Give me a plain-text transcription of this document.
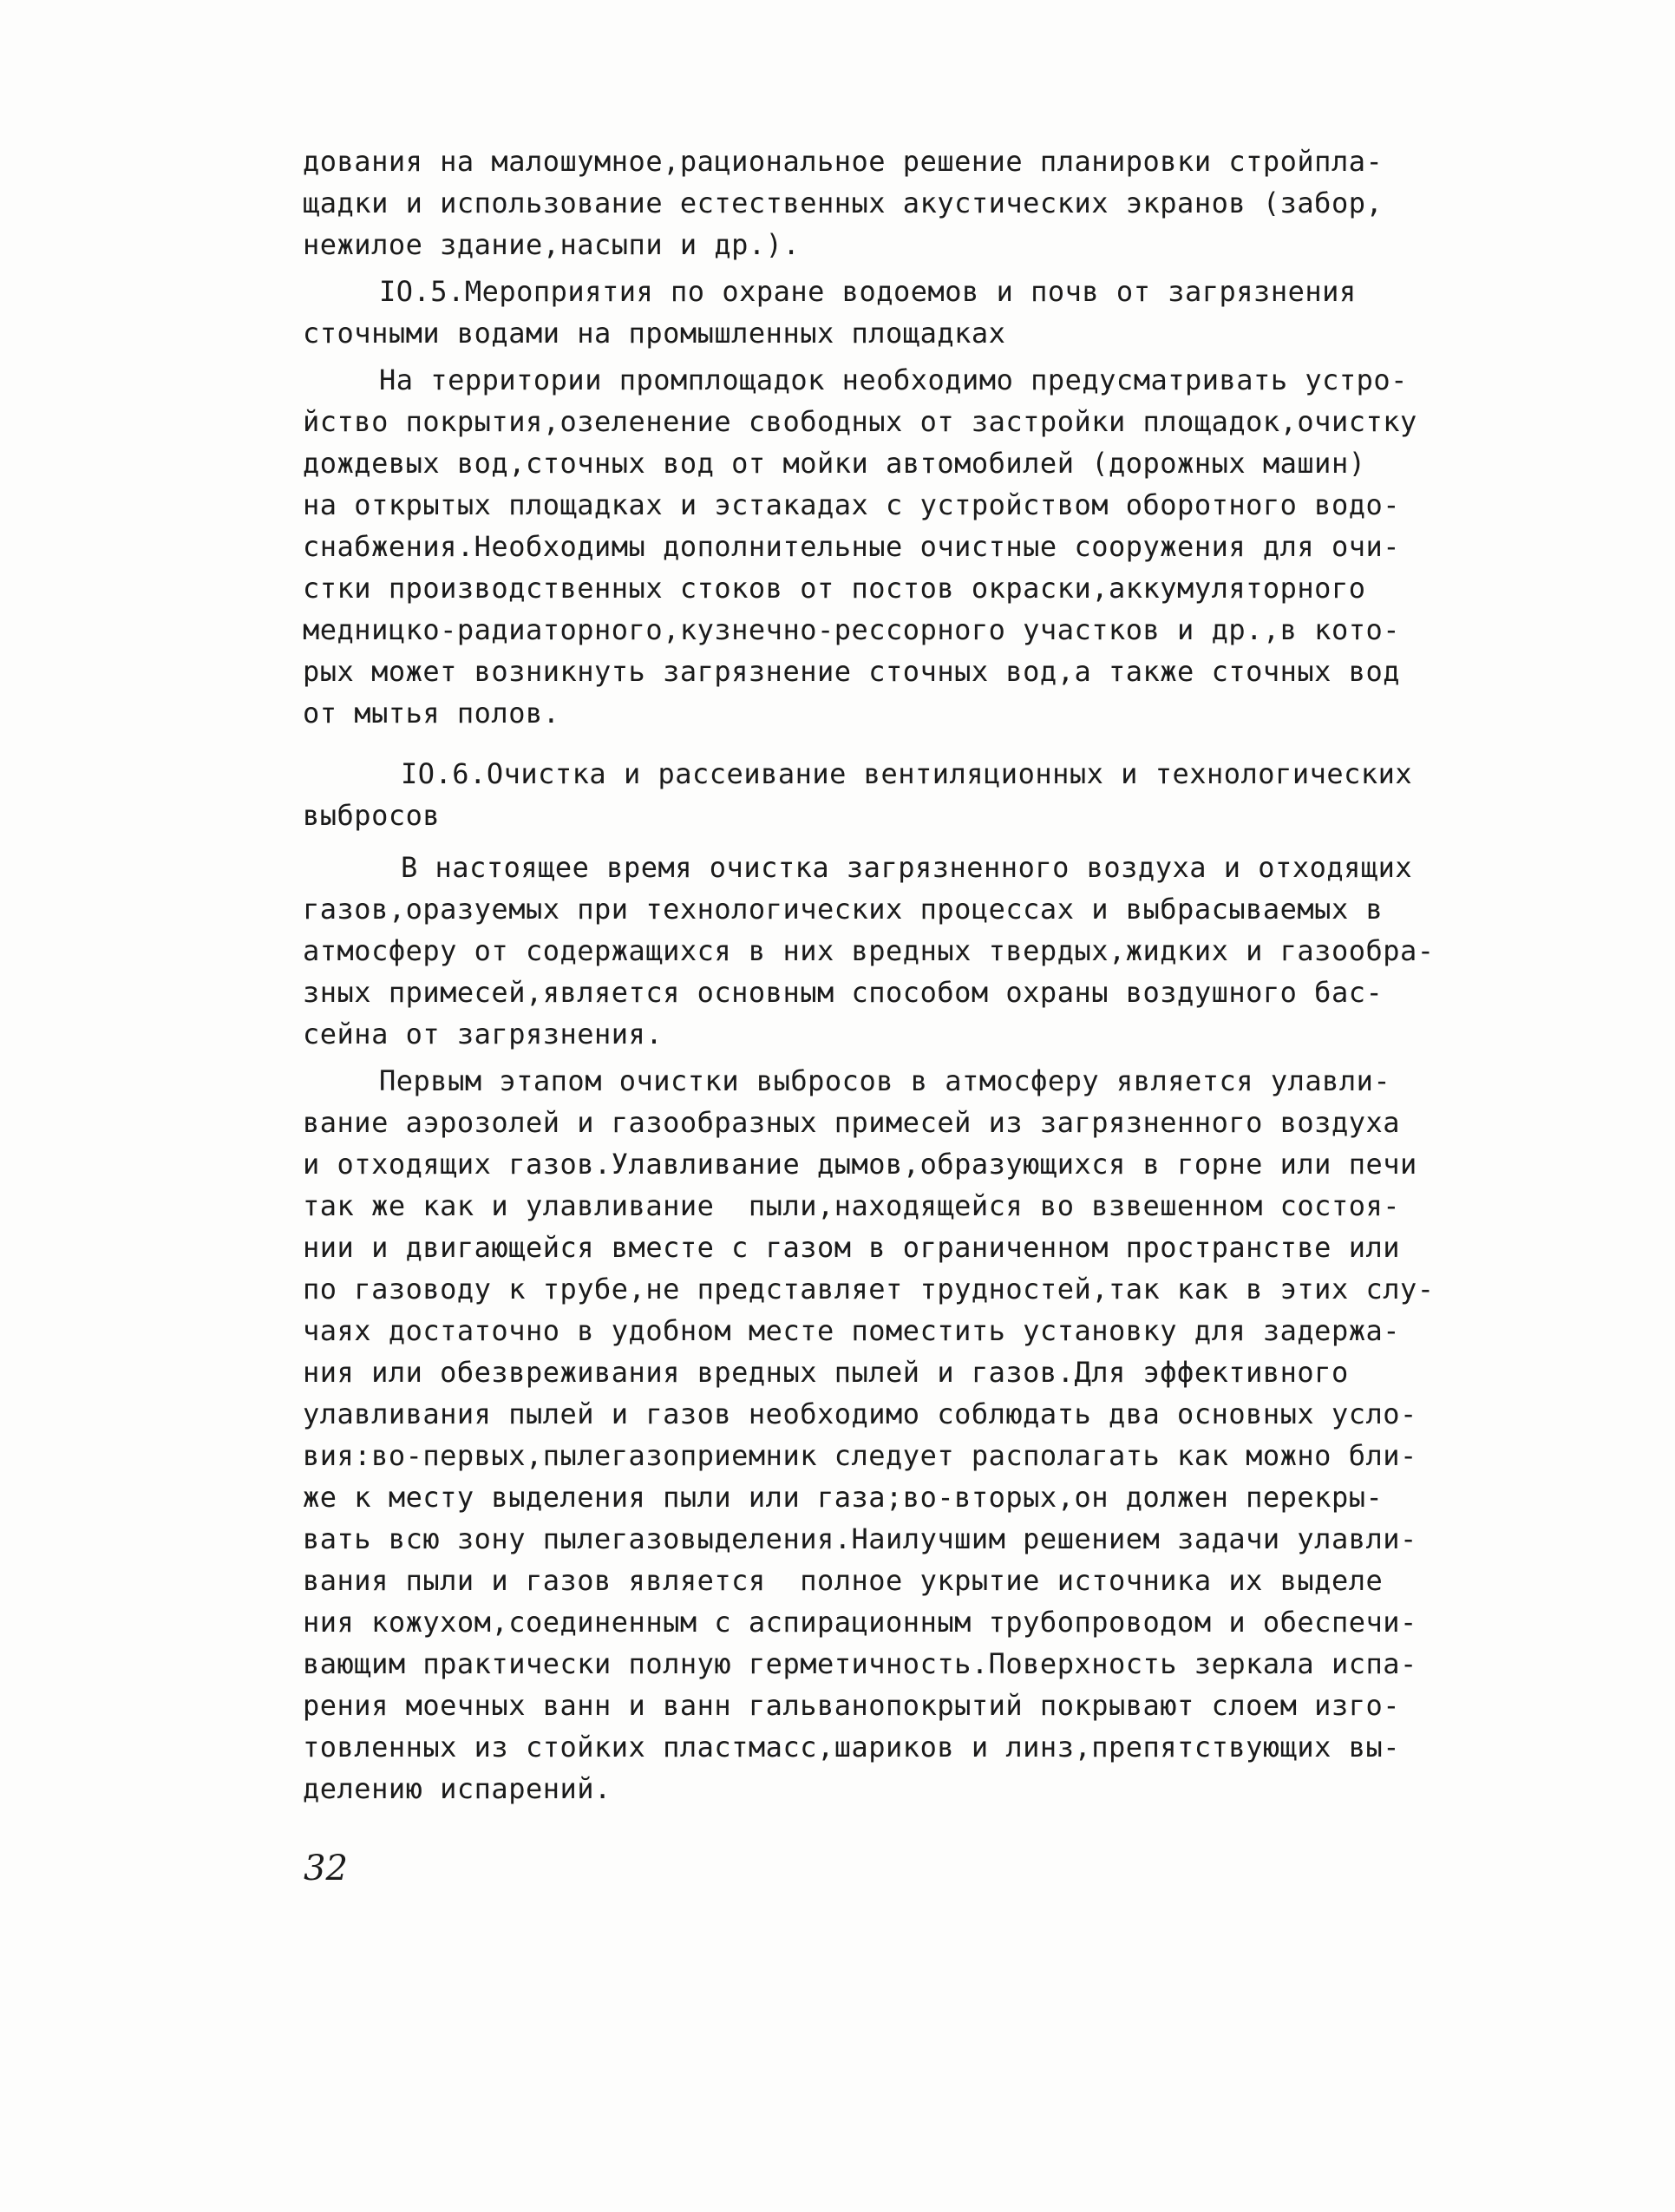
дования на малошумное,рациональное решение планировки стройпла-
щадки и использование естественных акустических экранов (забор,
нежилое здание,насыпи и др.).
IO.5.Мероприятия по охране водоемов и почв от загрязнения
сточными водами на промышленных площадках
На территории промплощадок необходимо предусматривать устро-
йство покрытия,озеленение свободных от застройки площадок,очистку
дождевых вод,сточных вод от мойки автомобилей (дорожных машин)
на открытых площадках и эстакадах с устройством оборотного водо-
снабжения.Необходимы дополнительные очистные сооружения для очи-
стки производственных стоков от постов окраски,аккумуляторного
медницко-радиаторного,кузнечно-рессорного участков и др.,в кото-
рых может возникнуть загрязнение сточных вод,а также сточных вод
от мытья полов.
IO.6.Очистка и рассеивание вентиляционных и технологических
выбросов
В настоящее время очистка загрязненного воздуха и отходящих
газов,оразуемых при технологических процессах и выбрасываемых в
атмосферу от содержащихся в них вредных твердых,жидких и газообра-
зных примесей,является основным способом охраны воздушного бас-
сейна от загрязнения.
Первым этапом очистки выбросов в атмосферу является улавли-
вание аэрозолей и газообразных примесей из загрязненного воздуха
и отходящих газов.Улавливание дымов,образующихся в горне или печи
так же как и улавливание  пыли,находящейся во взвешенном состоя-
нии и двигающейся вместе с газом в ограниченном пространстве или
по газоводу к трубе,не представляет трудностей,так как в этих слу-
чаях достаточно в удобном месте поместить установку для задержа-
ния или обезвреживания вредных пылей и газов.Для эффективного
улавливания пылей и газов необходимо соблюдать два основных усло-
вия:во-первых,пылегазоприемник следует располагать как можно бли-
же к месту выделения пыли или газа;во-вторых,он должен перекры-
вать всю зону пылегазовыделения.Наилучшим решением задачи улавли-
вания пыли и газов является  полное укрытие источника их выделе
ния кожухом,соединенным с аспирационным трубопроводом и обеспечи-
вающим практически полную герметичность.Поверхность зеркала испа-
рения моечных ванн и ванн гальванопокрытий покрывают слоем изго-
товленных из стойких пластмасс,шариков и линз,препятствующих вы-
делению испарений.
32
